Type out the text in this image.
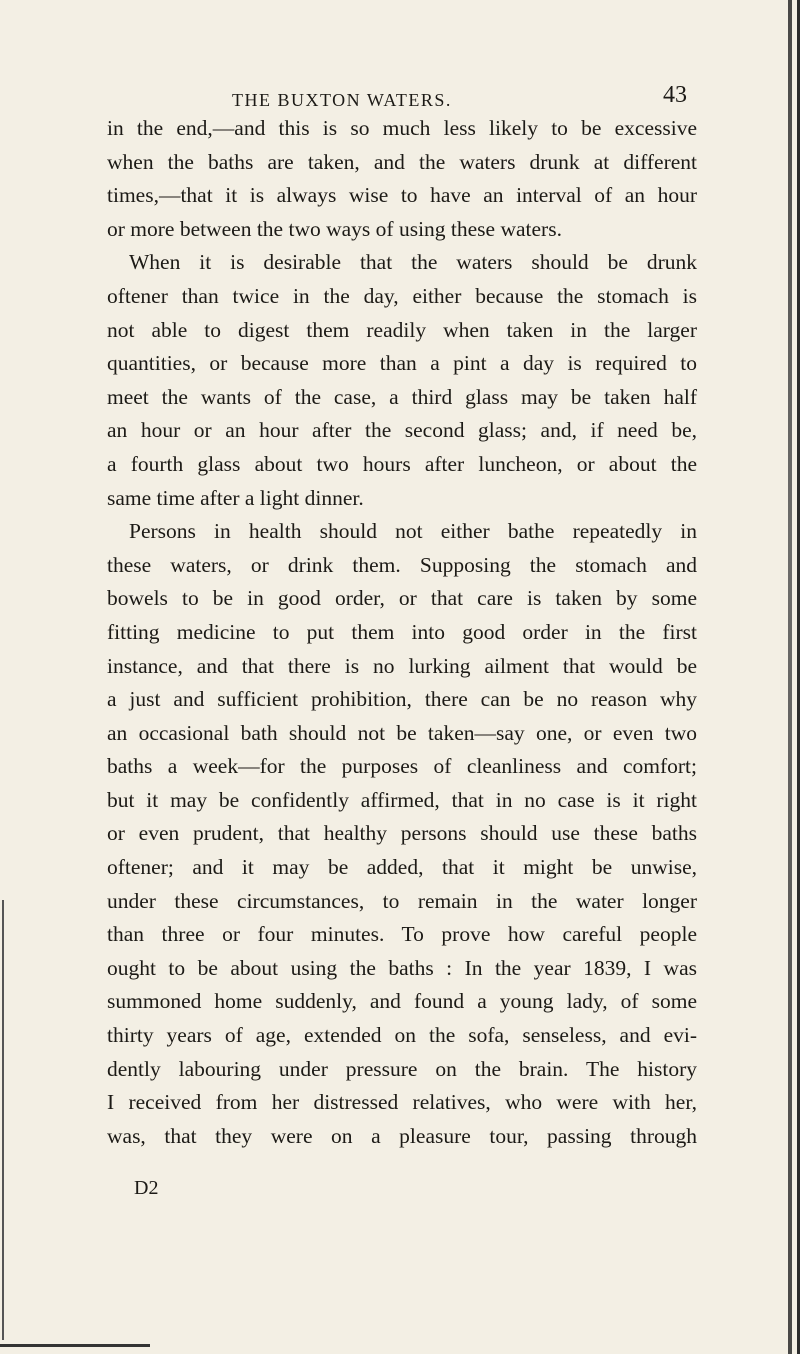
THE BUXTON WATERS.	43
in the end,—and this is so much less likely to be excessive
when the baths are taken, and the waters drunk at different
times,—that it is always wise to have an interval of an hour
or more between the two ways of using these waters.
When it is desirable that the waters should be drunk
oftener than twice in the day, either because the stomach is
not able to digest them readily when taken in the larger
quantities, or because more than a pint a day is required to
meet the wants of the case, a third glass may be taken half
an hour or an hour after the second glass; and, if need be,
a fourth glass about two hours after luncheon, or about the
same time after a light dinner.
Persons in health should not either bathe repeatedly in
these waters, or drink them. Supposing the stomach and
bowels to be in good order, or that care is taken by some
fitting medicine to put them into good order in the first
instance, and that there is no lurking ailment that would be
a just and sufficient prohibition, there can be no reason why
an occasional bath should not be taken—say one, or even two
baths a week—for the purposes of cleanliness and comfort;
but it may be confidently affirmed, that in no case is it right
or even prudent, that healthy persons should use these baths
oftener; and it may be added, that it might be unwise,
under these circumstances, to remain in the water longer
than three or four minutes. To prove how careful people
ought to be about using the baths : In the year 1839, I was
summoned home suddenly, and found a young lady, of some
thirty years of age, extended on the sofa, senseless, and evi-
dently labouring under pressure on the brain. The history
I received from her distressed relatives, who were with her,
was, that they were on a pleasure tour, passing through
D2
